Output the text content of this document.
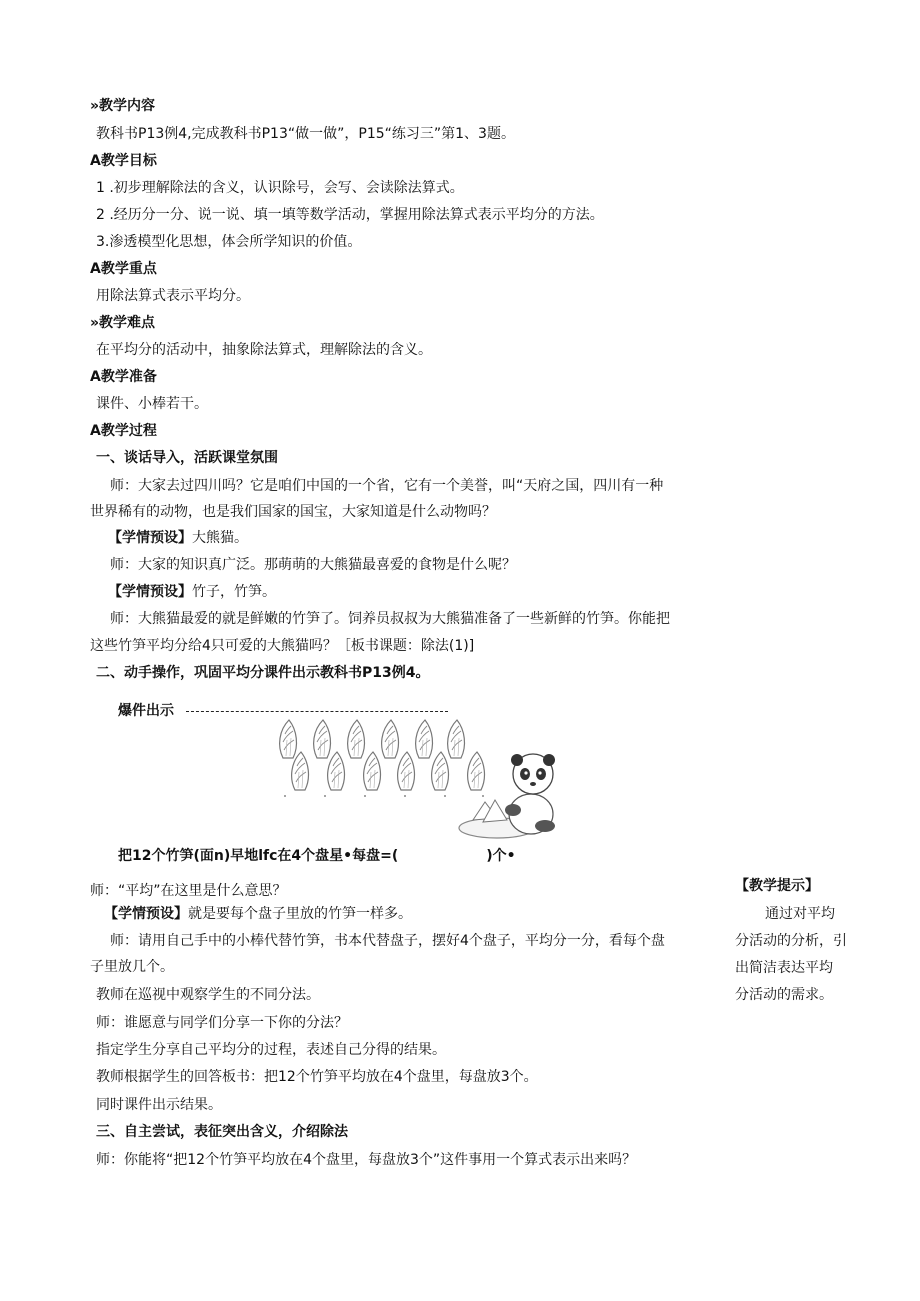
»教学内容
教科书P13例4,完成教科书P13“做一做”，P15“练习三”第1、3题。
A教学目标
1 .初步理解除法的含义，认识除号，会写、会读除法算式。
2 .经历分一分、说一说、填一填等数学活动，掌握用除法算式表示平均分的方法。
3.渗透模型化思想，体会所学知识的价值。
A教学重点
用除法算式表示平均分。
»教学难点
在平均分的活动中，抽象除法算式，理解除法的含义。
A教学准备
课件、小棒若干。
A教学过程
一、谈话导入，活跃课堂氛围
师：大家去过四川吗？它是咱们中国的一个省，它有一个美誉，叫“天府之国，四川有一种
世界稀有的动物，也是我们国家的国宝，大家知道是什么动物吗？
【学情预设】大熊猫。
师：大家的知识真广泛。那萌萌的大熊猫最喜爱的食物是什么呢？
【学情预设】竹子，竹笋。
师：大熊猫最爱的就是鲜嫩的竹笋了。饲养员叔叔为大熊猫准备了一些新鲜的竹笋。你能把
这些竹笋平均分给4只可爱的大熊猫吗？［板书课题：除法(1)]
二、动手操作，巩固平均分课件出示教科书P13例4。
爆件出示
把12个竹笋(面n)早地lfc在4个盘星•每盘=(	)个•
师：“平均”在这里是什么意思？
【学情预设】就是要每个盘子里放的竹笋一样多。
师：请用自己手中的小棒代替竹笋，书本代替盘子，摆好4个盘子，平均分一分，看每个盘
子里放几个。
教师在巡视中观察学生的不同分法。
师：谁愿意与同学们分享一下你的分法？
指定学生分享自己平均分的过程，表述自己分得的结果。
教师根据学生的回答板书：把12个竹笋平均放在4个盘里，每盘放3个。
同时课件出示结果。
三、自主尝试，表征突出含义，介绍除法
师：你能将“把12个竹笋平均放在4个盘里，每盘放3个”这件事用一个算式表示出来吗？
【教学提示】
通过对平均
分活动的分析，引
出简洁表达平均
分活动的需求。
